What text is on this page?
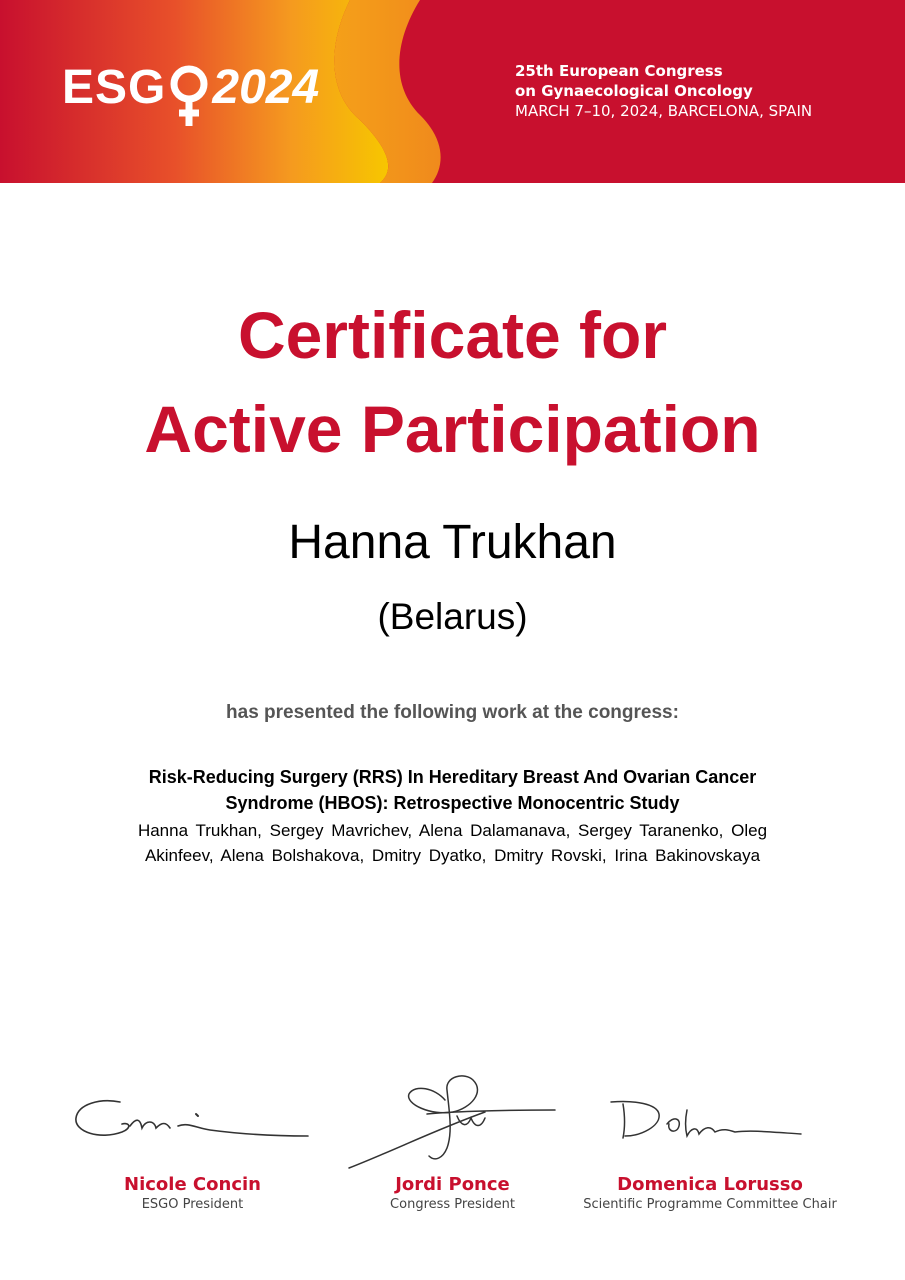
ESG 2024	25th European Congress
on Gynaecological Oncology
MARCH 7–10, 2024, BARCELONA, SPAIN
Certificate for
Active Participation
Hanna Trukhan
(Belarus)
has presented the following work at the congress:
Risk-Reducing Surgery (RRS) In Hereditary Breast And Ovarian Cancer
Syndrome (HBOS): Retrospective Monocentric Study
Hanna Trukhan, Sergey Mavrichev, Alena Dalamanava, Sergey Taranenko, Oleg
Akinfeev, Alena Bolshakova, Dmitry Dyatko, Dmitry Rovski, Irina Bakinovskaya
Nicole Concin
ESGO President
Jordi Ponce
Congress President
Domenica Lorusso
Scientific Programme Committee Chair
